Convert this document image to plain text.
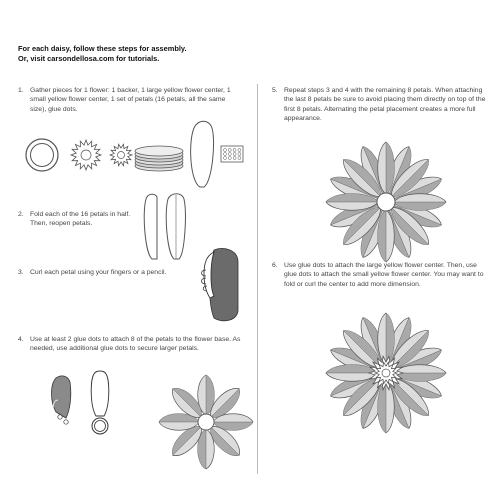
For each daisy, follow these steps for assembly.
Or, visit carsondellosa.com for tutorials.
1. Gather pieces for 1 flower: 1 backer, 1 large yellow flower center, 1 small yellow flower center, 1 set of petals (16 petals, all the same size), glue dots.
2. Fold each of the 16 petals in half. Then, reopen petals.
3. Curl each petal using your fingers or a pencil.
4. Use at least 2 glue dots to attach 8 of the petals to the flower base. As needed, use additional glue dots to secure larger petals.
5. Repeat steps 3 and 4 with the remaining 8 petals. When attaching the last 8 petals be sure to avoid placing them directly on top of the first 8 petals. Alternating the petal placement creates a more full appearance.
6. Use glue dots to attach the large yellow flower center. Then, use glue dots to attach the small yellow flower center. You may want to fold or curl the center to add more dimension.
